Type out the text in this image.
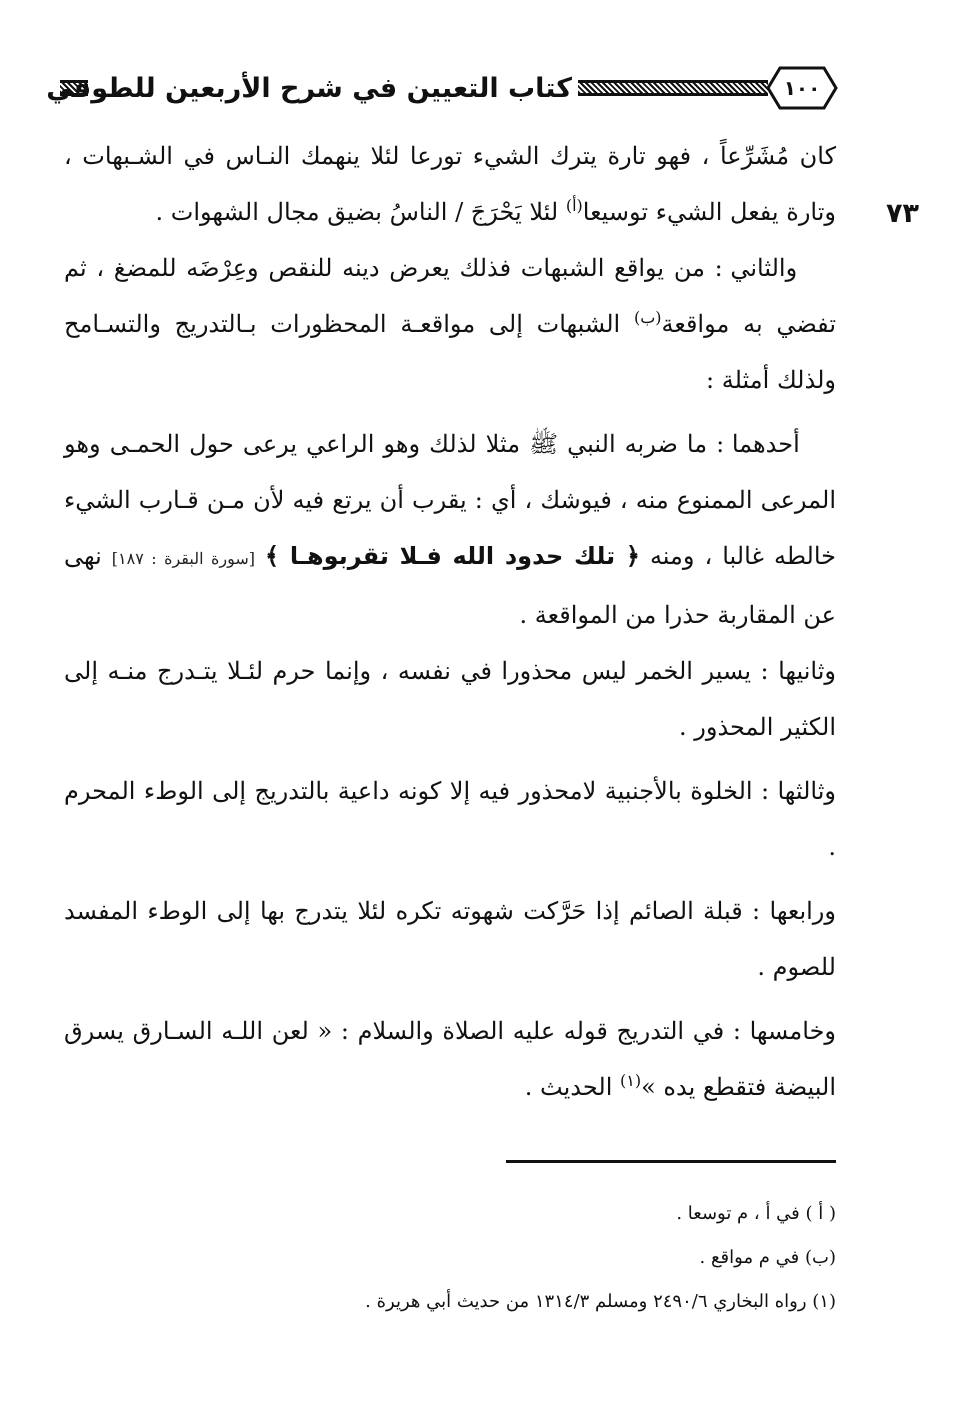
كتاب التعيين في شرح الأربعين للطوفي	١٠٠
٧٣

كان مُشَرِّعاً ، فهو تارة يترك الشيء تورعا لئلا ينهمك النـاس في الشـبهات ، وتارة يفعل الشيء توسيعا$^{(أ)}$ لئلا يَحْرَجَ / الناسُ بضيق مجال الشهوات .

والثاني : من يواقع الشبهات فذلك يعرض دينه للنقص وعِرْضَه للمضغ ، ثم تفضي به مواقعة$^{(ب)}$ الشبهات إلى مواقعـة المحظورات بـالتدريج والتسـامح ولذلك أمثلة :

أحدهما : ما ضربه النبي ﷺ مثلا لذلك وهو الراعي يرعى حول الحمـى وهو المرعى الممنوع منه ، فيوشك ، أي : يقرب أن يرتع فيه لأن مـن قـارب الشيء خالطه غالبا ، ومنه ﴿ تلك حدود الله فـلا تقربوهـا ﴾ [سورة البقرة : ١٨٧] نهى عن المقاربة حذرا من المواقعة .

وثانيها : يسير الخمر ليس محذورا في نفسه ، وإنما حرم لئـلا يتـدرج منـه إلى الكثير المحذور .

وثالثها : الخلوة بالأجنبية لامحذور فيه إلا كونه داعية بالتدريج إلى الوطء المحرم .

ورابعها : قبلة الصائم إذا حَرَّكت شهوته تكره لئلا يتدرج بها إلى الوطء المفسد للصوم .

وخامسها : في التدريج قوله عليه الصلاة والسلام : « لعن اللـه السـارق يسرق البيضة فتقطع يده »$^{(١)}$ الحديث .

( أ ) في أ ، م توسعا .
(ب) في م مواقع .
(١) رواه البخاري ٢٤٩٠/٦ ومسلم ١٣١٤/٣ من حديث أبي هريرة .
